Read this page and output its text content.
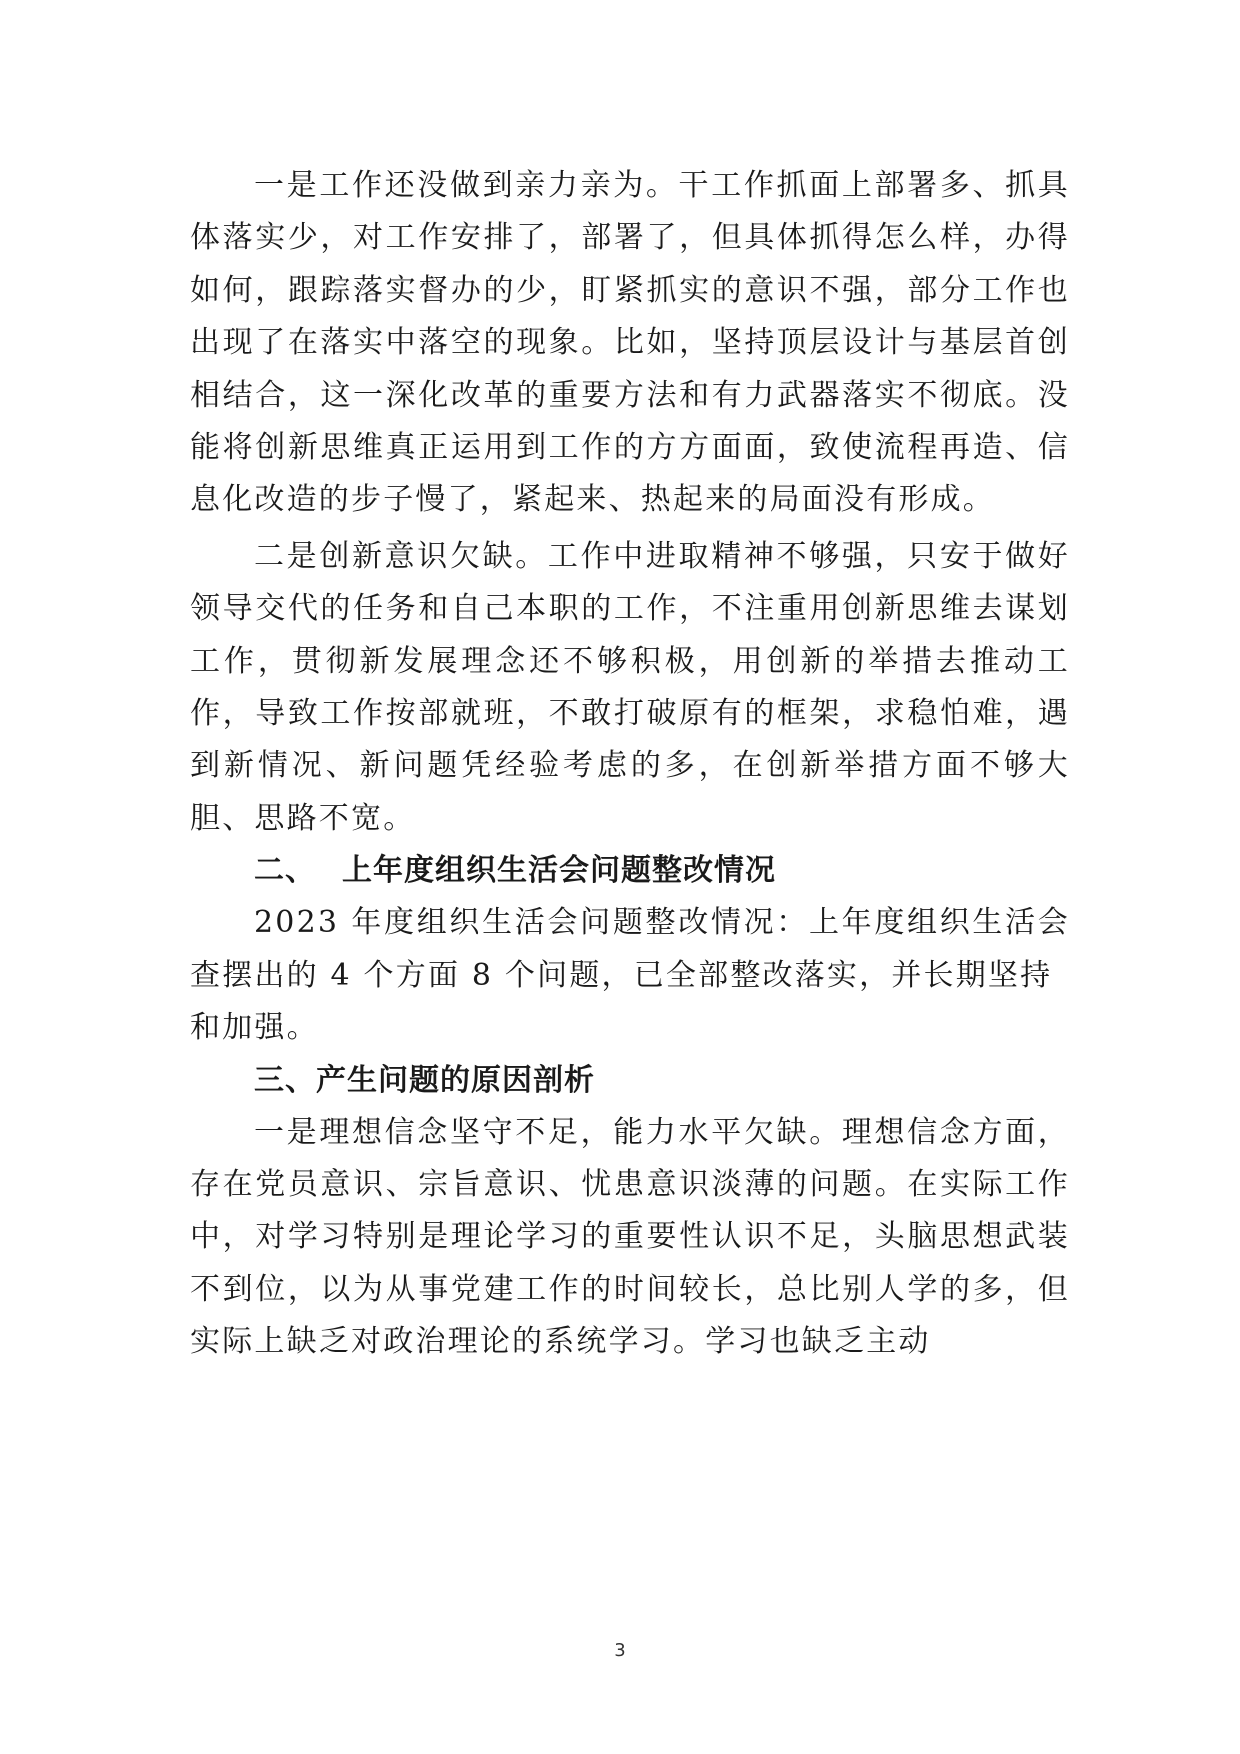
一是工作还没做到亲力亲为。干工作抓面上部署多、抓具体落实少，对工作安排了，部署了，但具体抓得怎么样，办得如何，跟踪落实督办的少，盯紧抓实的意识不强，部分工作也出现了在落实中落空的现象。比如，坚持顶层设计与基层首创相结合，这一深化改革的重要方法和有力武器落实不彻底。没能将创新思维真正运用到工作的方方面面，致使流程再造、信息化改造的步子慢了，紧起来、热起来的局面没有形成。

二是创新意识欠缺。工作中进取精神不够强，只安于做好领导交代的任务和自己本职的工作，不注重用创新思维去谋划工作，贯彻新发展理念还不够积极，用创新的举措去推动工作，导致工作按部就班，不敢打破原有的框架，求稳怕难，遇到新情况、新问题凭经验考虑的多，在创新举措方面不够大胆、思路不宽。

二、 上年度组织生活会问题整改情况

2023 年度组织生活会问题整改情况：上年度组织生活会查摆出的 4 个方面 8 个问题，已全部整改落实，并长期坚持

和加强。

三、产生问题的原因剖析

一是理想信念坚守不足，能力水平欠缺。理想信念方面，存在党员意识、宗旨意识、忧患意识淡薄的问题。在实际工作中，对学习特别是理论学习的重要性认识不足，头脑思想武装不到位，以为从事党建工作的时间较长，总比别人学的多，但实际上缺乏对政治理论的系统学习。学习也缺乏主动

3
